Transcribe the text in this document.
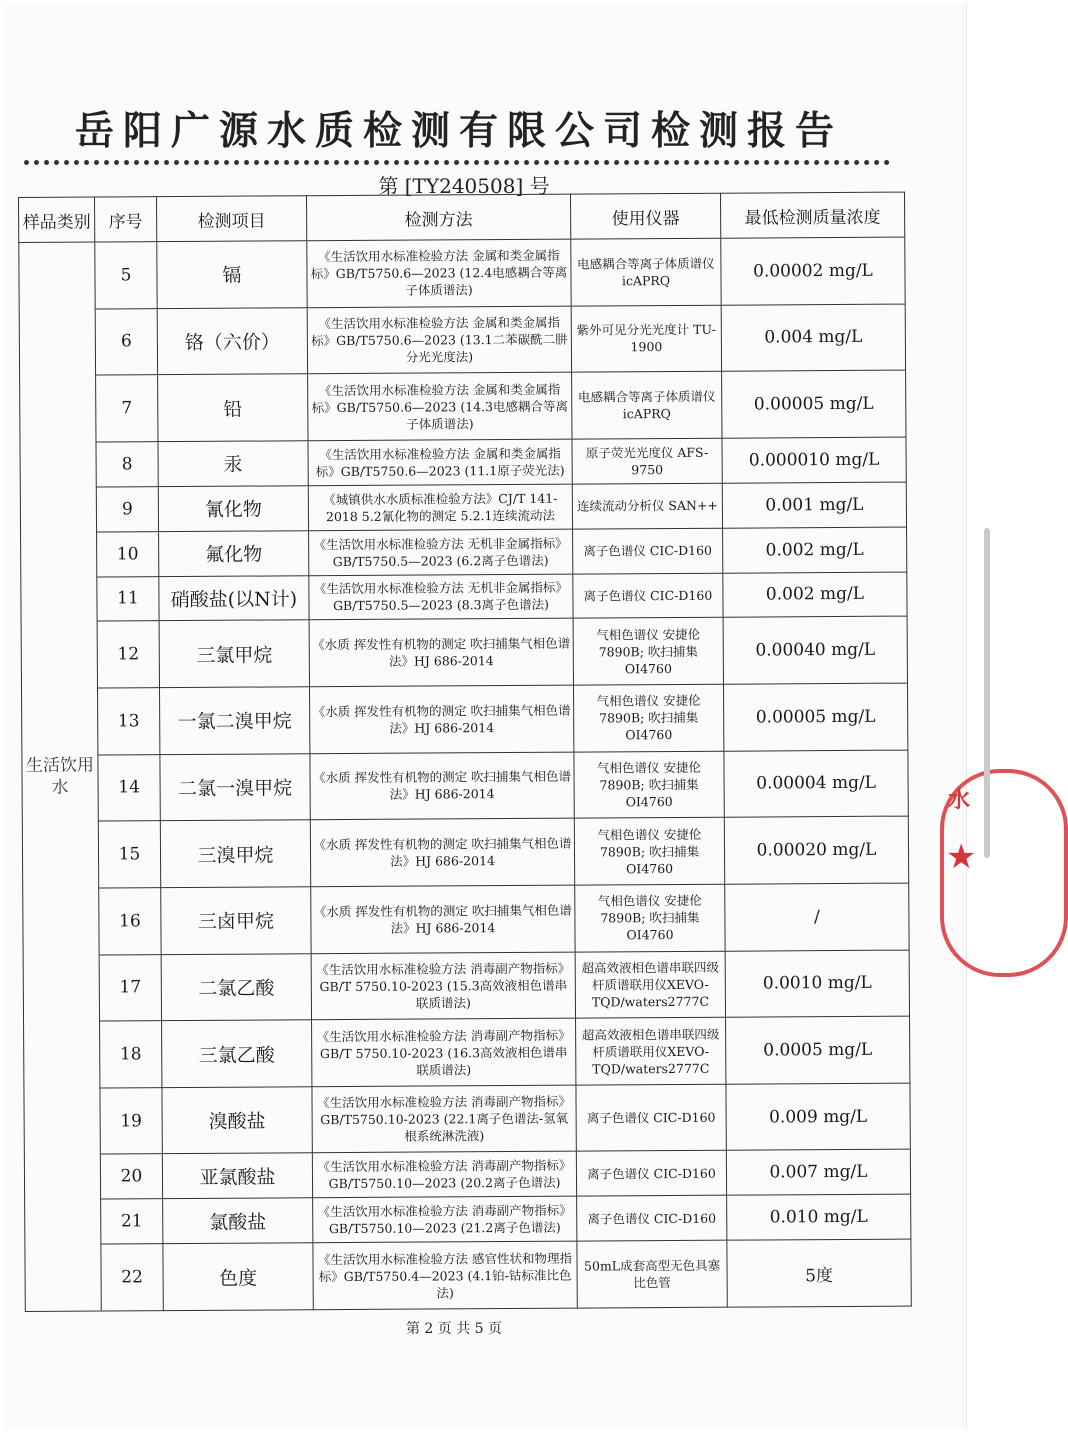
岳阳广源水质检测有限公司检测报告
第 [TY240508] 号
样品类别	序号	检测项目	检测方法	使用仪器	最低检测质量浓度
生活饮用水	5	镉	《生活饮用水标准检验方法 金属和类金属指标》GB/T5750.6—2023 (12.4电感耦合等离子体质谱法)	电感耦合等离子体质谱仪 icAPRQ	0.00002 mg/L
	6	铬（六价）	《生活饮用水标准检验方法 金属和类金属指标》GB/T5750.6—2023 (13.1二苯碳酰二肼分光光度法)	紫外可见分光光度计 TU-1900	0.004 mg/L
	7	铅	《生活饮用水标准检验方法 金属和类金属指标》GB/T5750.6—2023 (14.3电感耦合等离子体质谱法)	电感耦合等离子体质谱仪 icAPRQ	0.00005 mg/L
	8	汞	《生活饮用水标准检验方法 金属和类金属指标》GB/T5750.6—2023 (11.1原子荧光法)	原子荧光光度仪 AFS-9750	0.000010 mg/L
	9	氰化物	《城镇供水水质标准检验方法》CJ/T 141-2018 5.2氰化物的测定 5.2.1连续流动法	连续流动分析仪 SAN++	0.001 mg/L
	10	氟化物	《生活饮用水标准检验方法 无机非金属指标》GB/T5750.5—2023 (6.2离子色谱法)	离子色谱仪 CIC-D160	0.002 mg/L
	11	硝酸盐(以N计)	《生活饮用水标准检验方法 无机非金属指标》GB/T5750.5—2023 (8.3离子色谱法)	离子色谱仪 CIC-D160	0.002 mg/L
	12	三氯甲烷	《水质 挥发性有机物的测定 吹扫捕集气相色谱法》HJ 686-2014	气相色谱仪 安捷伦7890B; 吹扫捕集OI4760	0.00040 mg/L
	13	一氯二溴甲烷	《水质 挥发性有机物的测定 吹扫捕集气相色谱法》HJ 686-2014	气相色谱仪 安捷伦7890B; 吹扫捕集OI4760	0.00005 mg/L
	14	二氯一溴甲烷	《水质 挥发性有机物的测定 吹扫捕集气相色谱法》HJ 686-2014	气相色谱仪 安捷伦7890B; 吹扫捕集OI4760	0.00004 mg/L
	15	三溴甲烷	《水质 挥发性有机物的测定 吹扫捕集气相色谱法》HJ 686-2014	气相色谱仪 安捷伦7890B; 吹扫捕集OI4760	0.00020 mg/L
	16	三卤甲烷	《水质 挥发性有机物的测定 吹扫捕集气相色谱法》HJ 686-2014	气相色谱仪 安捷伦7890B; 吹扫捕集OI4760	/
	17	二氯乙酸	《生活饮用水标准检验方法 消毒副产物指标》GB/T 5750.10-2023 (15.3高效液相色谱串联质谱法)	超高效液相色谱串联四级杆质谱联用仪XEVO-TQD/waters2777C	0.0010 mg/L
	18	三氯乙酸	《生活饮用水标准检验方法 消毒副产物指标》GB/T 5750.10-2023 (16.3高效液相色谱串联质谱法)	超高效液相色谱串联四级杆质谱联用仪XEVO-TQD/waters2777C	0.0005 mg/L
	19	溴酸盐	《生活饮用水标准检验方法 消毒副产物指标》GB/T5750.10-2023 (22.1离子色谱法-氢氧根系统淋洗液)	离子色谱仪 CIC-D160	0.009 mg/L
	20	亚氯酸盐	《生活饮用水标准检验方法 消毒副产物指标》GB/T5750.10—2023 (20.2离子色谱法)	离子色谱仪 CIC-D160	0.007 mg/L
	21	氯酸盐	《生活饮用水标准检验方法 消毒副产物指标》GB/T5750.10—2023 (21.2离子色谱法)	离子色谱仪 CIC-D160	0.010 mg/L
	22	色度	《生活饮用水标准检验方法 感官性状和物理指标》GB/T5750.4—2023 (4.1铂-钴标准比色法)	50mL成套高型无色具塞比色管	5度
第 2 页 共 5 页
水
★
